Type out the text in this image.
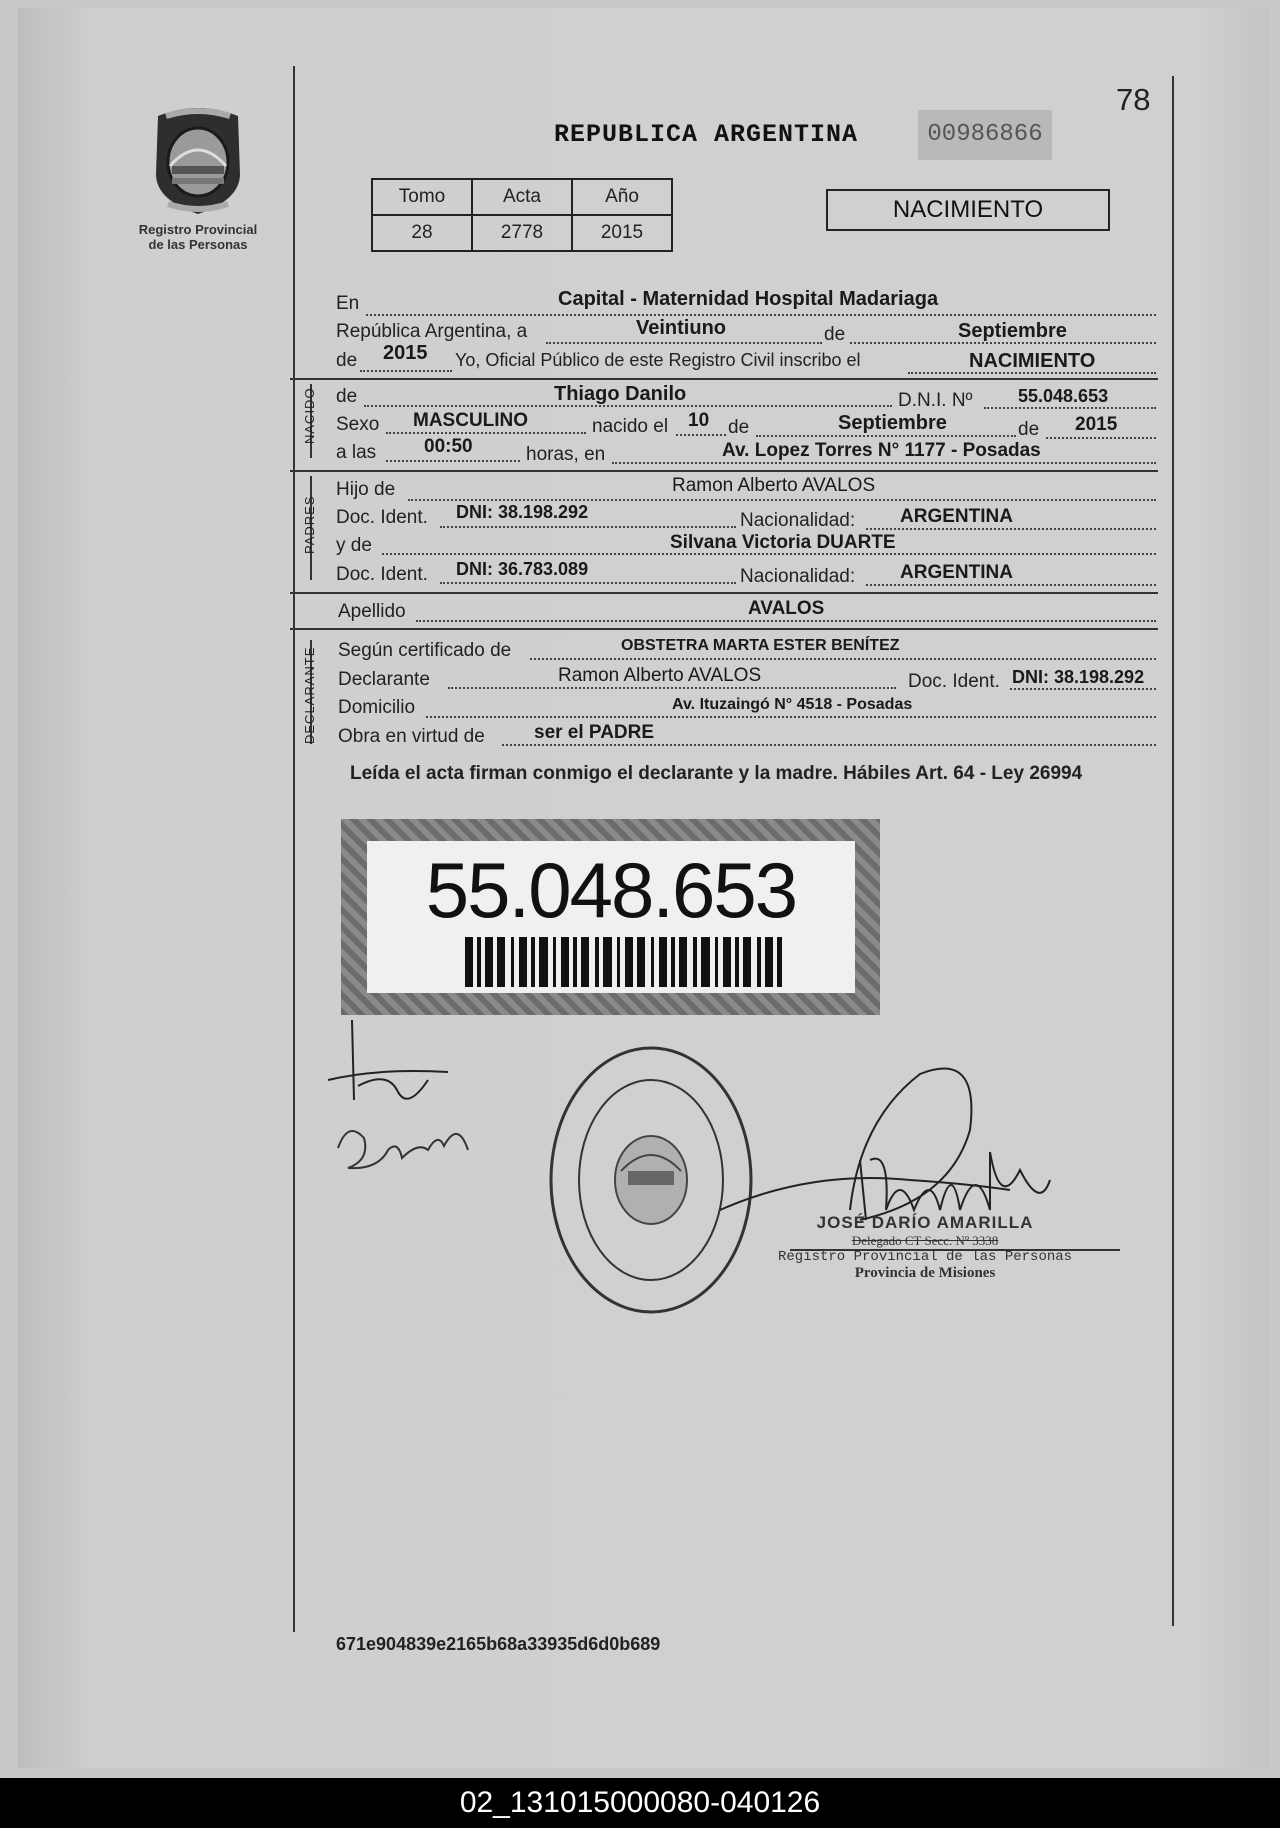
Registro Provincial
de las Personas
78
REPUBLICA ARGENTINA	00986866
Tomo	Acta	Año
28	2778	2015
NACIMIENTO
En	Capital - Maternidad Hospital Madariaga
República Argentina, a	Veintiuno	de	Septiembre
de 2015 Yo, Oficial Público de este Registro Civil inscribo el	NACIMIENTO
NACIDO de	Thiago Danilo	D.N.I. Nº	55.048.653
Sexo MASCULINO	nacido el 10 de	Septiembre	de 2015
a las	00:50	horas, en	Av. Lopez Torres N° 1177 - Posadas
PADRES
Hijo de	Ramon Alberto AVALOS
Doc. Ident. DNI: 38.198.292	Nacionalidad: ARGENTINA
y de	Silvana Victoria DUARTE
Doc. Ident. DNI: 36.783.089	Nacionalidad: ARGENTINA
Apellido	AVALOS
DECLARANTE Según certificado de	OBSTETRA MARTA ESTER BENÍTEZ
Declarante	Ramon Alberto AVALOS	Doc. Ident. DNI: 38.198.292
Domicilio	Av. Ituzaingó N° 4518 - Posadas
Obra en virtud de	ser el PADRE
Leída el acta firman conmigo el declarante y la madre. Hábiles Art. 64 - Ley 26994
55.048.653
JOSÉ DARÍO AMARILLA
Delegado CT Secc. Nº 3338
Registro Provincial de las Personas
Provincia de Misiones
671e904839e2165b68a33935d6d0b689
02_131015000080-040126
